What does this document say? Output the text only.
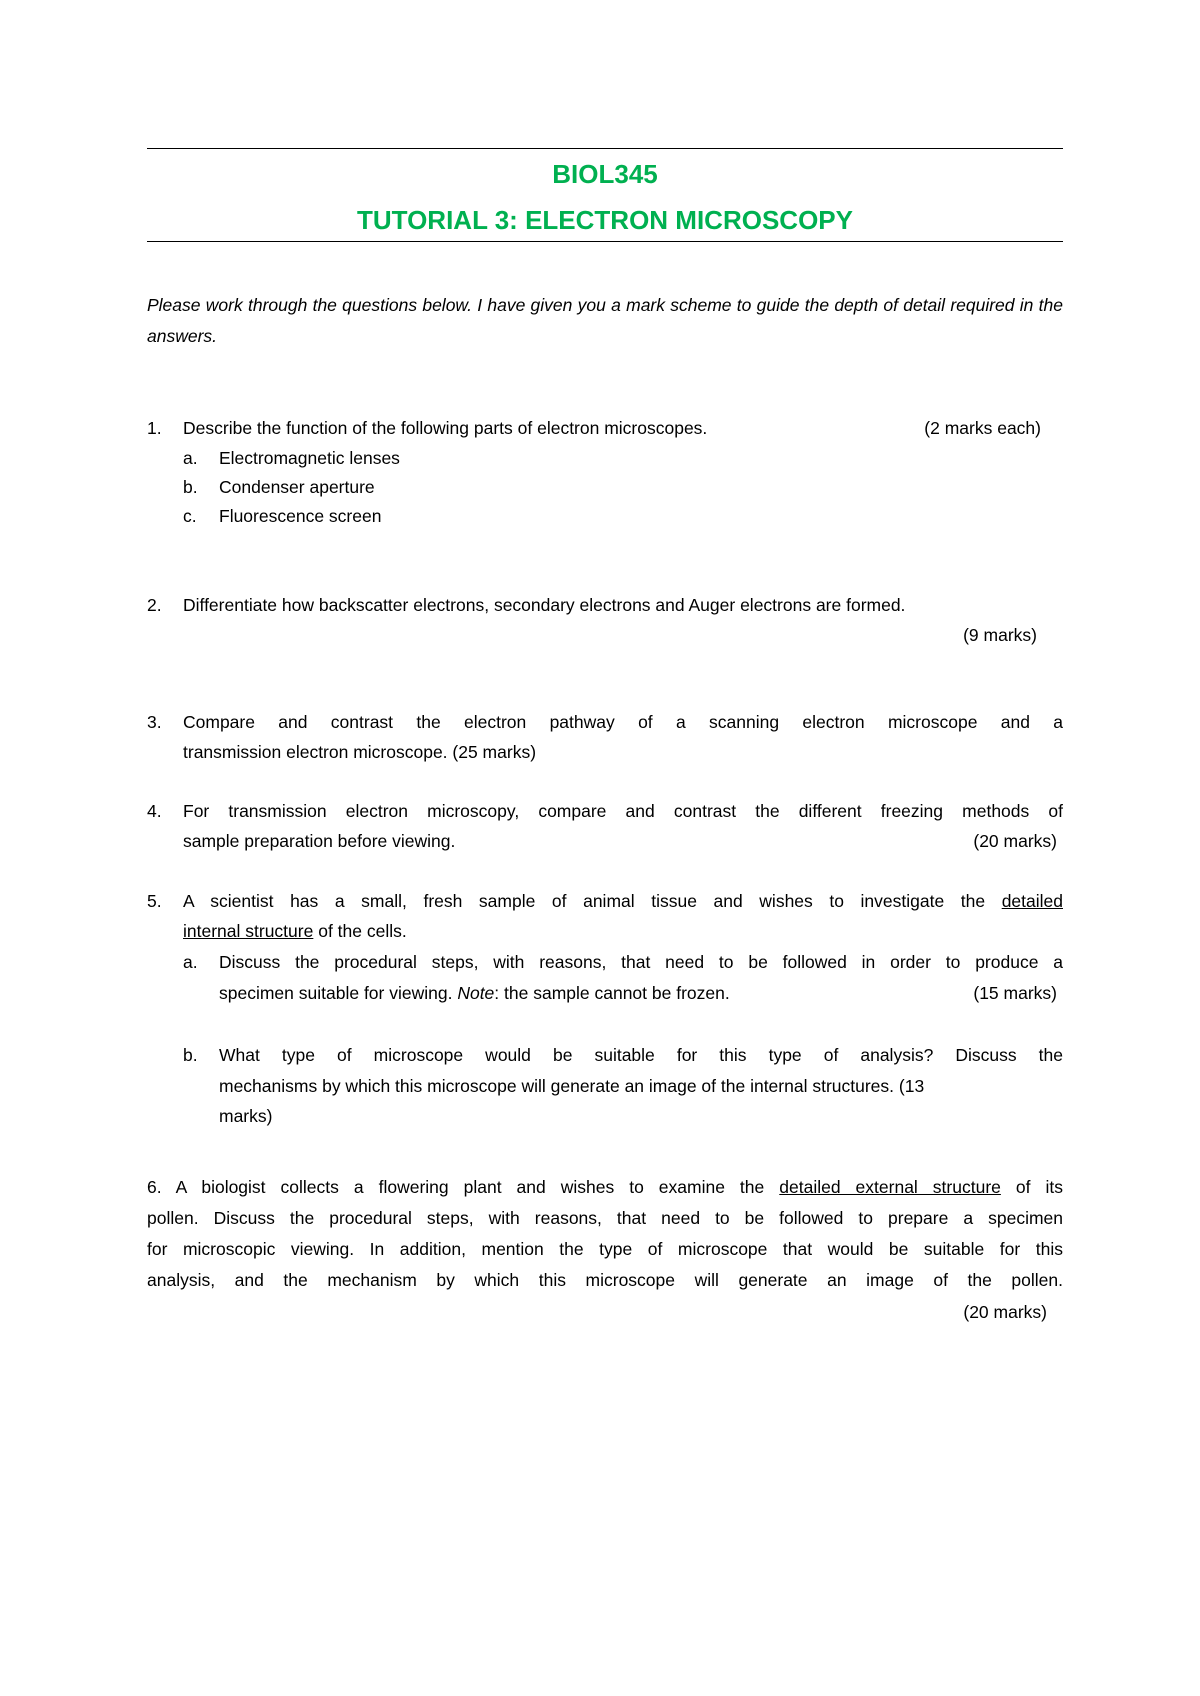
BIOL345
TUTORIAL 3: ELECTRON MICROSCOPY
Please work through the questions below. I have given you a mark scheme to guide the depth of detail required in the answers.
1. Describe the function of the following parts of electron microscopes.	(2 marks each)
a. Electromagnetic lenses
b. Condenser aperture
c. Fluorescence screen
2. Differentiate how backscatter electrons, secondary electrons and Auger electrons are formed.
(9 marks)
3. Compare and contrast the electron pathway of a scanning electron microscope and a
transmission electron microscope. (25 marks)
4. For transmission electron microscopy, compare and contrast the different freezing methods of
sample preparation before viewing.	(20 marks)
5. A scientist has a small, fresh sample of animal tissue and wishes to investigate the detailed
internal structure of the cells.
a. Discuss the procedural steps, with reasons, that need to be followed in order to produce a
specimen suitable for viewing. Note: the sample cannot be frozen.	(15 marks)
b. What type of microscope would be suitable for this type of analysis? Discuss the
mechanisms by which this microscope will generate an image of the internal structures. (13
marks)
6. A biologist collects a flowering plant and wishes to examine the detailed external structure of its
pollen. Discuss the procedural steps, with reasons, that need to be followed to prepare a specimen
for microscopic viewing. In addition, mention the type of microscope that would be suitable for this
analysis, and the mechanism by which this microscope will generate an image of the pollen.
(20 marks)
